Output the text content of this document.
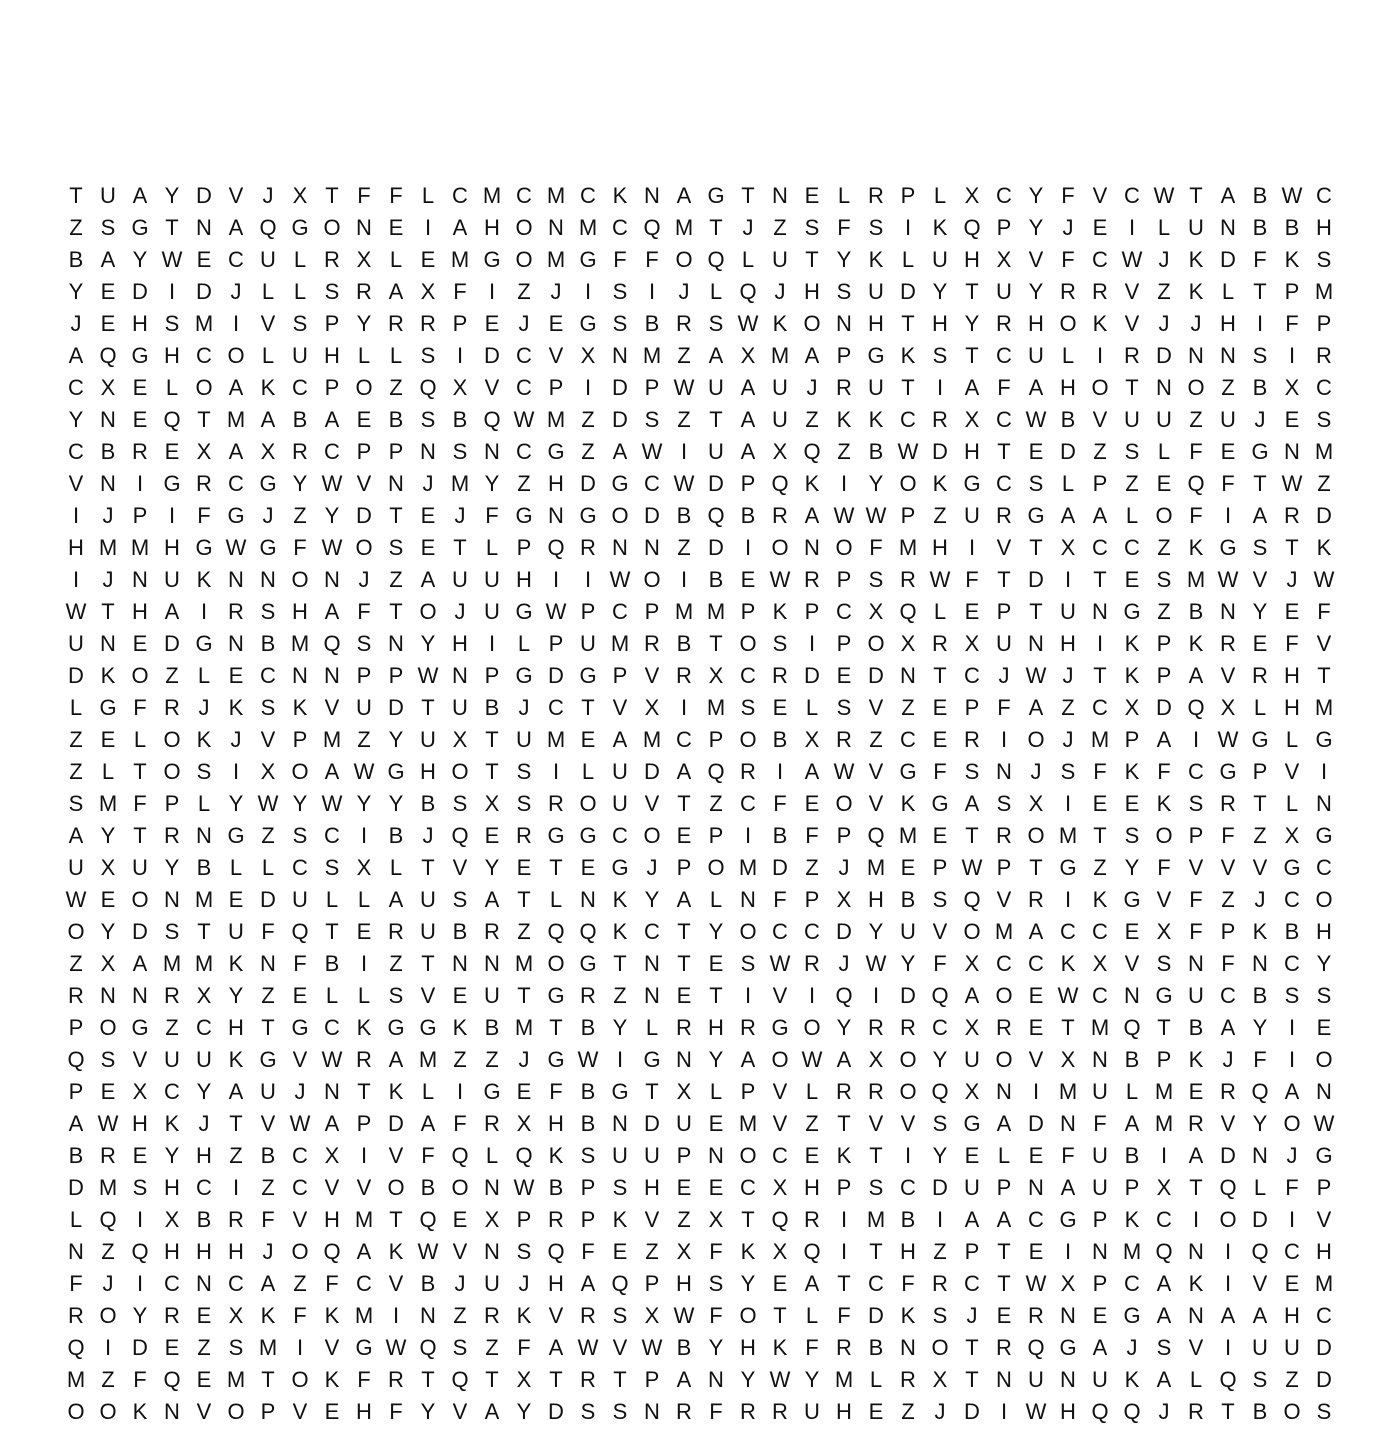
T U A Y D V J X T F F L C M C M C K N A G T N E L R P L X C Y F V C W T A B W C
Z S G T N A Q G O N E I A H O N M C Q M T J Z S F S I K Q P Y J E I	L U N B B H
B A Y W E C U L R X L E M G O M G F F O Q L U T Y K L U H X V F C W J K D F K S
Y E D I D J L L S R A X F	I	Z J	I S I	J L Q J H S U D Y T U Y R R V Z K L T P M
J E H S M I V S P Y R R P E J E G S B R S W K O N H T H Y R H O K V J J H I	F P
A Q G H C O L U H L L S I D C V X N M Z A X M A P G K S T C U L	I R D N N S I R
C X E L O A K C P O Z Q X V C P I D P W U A U J R U T	I A F A H O T N O Z B X C
Y N E Q T M A B A E B S B Q W M Z D S Z T A U Z K K C R X C W B V U U Z U J E S
C B R E X A X R C P P N S N C G Z A W I U A X Q Z B W D H T E D Z S L F E G N M
V N I G R C G Y W V N J M Y Z H D G C W D P Q K I Y O K G C S L P Z E Q F T W Z
I	J P I	F G J Z Y D T E J F G N G O D B Q B R A W W P Z U R G A A L O F	I A R D
H M M H G W G F W O S E T L P Q R N N Z D I O N O F M H I V T X C C Z K G S T K
I	J N U K N N O N J Z A U U H I	I W O I B E W R P S R W F T D I	T E S M W V J W
W T H A I R S H A F T O J U G W P C P M M P K P C X Q L E P T U N G Z B N Y E F
U N E D G N B M Q S N Y H I	L P U M R B T O S I P O X R X U N H I K P K R E F V
D K O Z L E C N N P P W N P G D G P V R X C R D E D N T C J W J T K P A V R H T
L G F R J K S K V U D T U B J C T V X I M S E L S V Z E P F A Z C X D Q X L H M
Z E L O K J V P M Z Y U X T U M E A M C P O B X R Z C E R I O J M P A I W G L G
Z L T O S I X O A W G H O T S I	L U D A Q R I A W V G F S N J S F K F C G P V I
S M F P L Y W Y W Y Y B S X S R O U V T Z C F E O V K G A S X I E E K S R T L N
A Y T R N G Z S C I B J Q E R G G C O E P I B F P Q M E T R O M T S O P F Z X G
U X U Y B L L C S X L T V Y E T E G J P O M D Z J M E P W P T G Z Y F V V V G C
W E O N M E D U L L A U S A T L N K Y A L N F P X H B S Q V R I K G V F Z J C O
O Y D S T U F Q T E R U B R Z Q Q K C T Y O C C D Y U V O M A C C E X F P K B H
Z X A M M K N F B I	Z T N N M O G T N T E S W R J W Y F X C C K X V S N F N C Y
R N N R X Y Z E L L S V E U T G R Z N E T	I V I Q I D Q A O E W C N G U C B S S
P O G Z C H T G C K G G K B M T B Y L R H R G O Y R R C X R E T M Q T B A Y I E
Q S V U U K G V W R A M Z Z J G W I G N Y A O W A X O Y U O V X N B P K J F	I O
P E X C Y A U J N T K L	I G E F B G T X L P V L R R O Q X N I M U L M E R Q A N
A W H K J T V W A P D A F R X H B N D U E M V Z T V V S G A D N F A M R V Y O W
B R E Y H Z B C X I V F Q L Q K S U U P N O C E K T	I Y E L E F U B I A D N J G
D M S H C I	Z C V V O B O N W B P S H E E C X H P S C D U P N A U P X T Q L F P
L Q I X B R F V H M T Q E X P R P K V Z X T Q R I M B I A A C G P K C I O D I V
N Z Q H H H J O Q A K W V N S Q F E Z X F K X Q I	T H Z P T E I N M Q N I Q C H
F J	I C N C A Z F C V B J U J H A Q P H S Y E A T C F R C T W X P C A K I V E M
R O Y R E X K F K M I N Z R K V R S X W F O T L F D K S J E R N E G A N A A H C
Q I D E Z S M I V G W Q S Z F A W V W B Y H K F R B N O T R Q G A J S V I U U D
M Z F Q E M T O K F R T Q T X T R T P A N Y W Y M L R X T N U N U K A L Q S Z D
O O K N V O P V E H F Y V A Y D S S N R F R R U H E Z J D I W H Q Q J R T B O S
